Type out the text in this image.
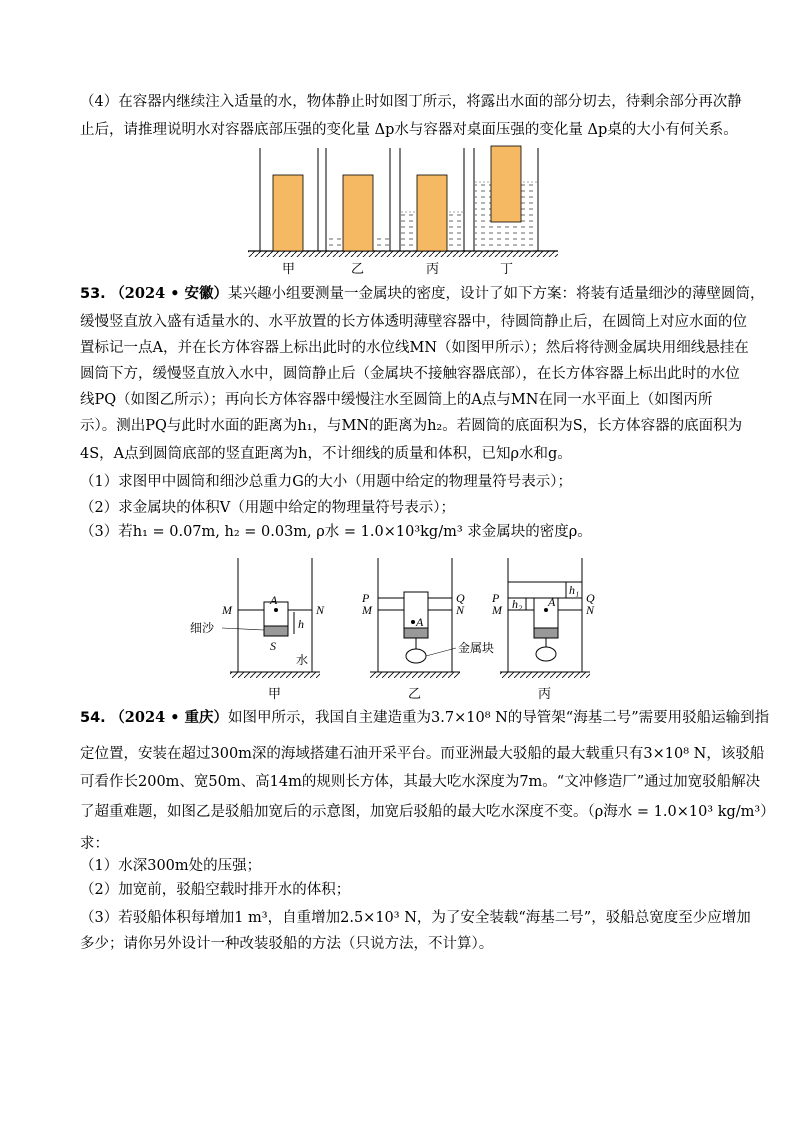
（4）在容器内继续注入适量的水，物体静止时如图丁所示，将露出水面的部分切去，待剩余部分再次静
止后，请推理说明水对容器底部压强的变化量 Δp水与容器对桌面压强的变化量 Δp桌的大小有何关系。
甲	乙	丙	丁
53. （2024 • 安徽）某兴趣小组要测量一金属块的密度，设计了如下方案：将装有适量细沙的薄壁圆筒，
缓慢竖直放入盛有适量水的、水平放置的长方体透明薄壁容器中，待圆筒静止后，在圆筒上对应水面的位
置标记一点A，并在长方体容器上标出此时的水位线MN（如图甲所示）；然后将待测金属块用细线悬挂在
圆筒下方，缓慢竖直放入水中，圆筒静止后（金属块不接触容器底部），在长方体容器上标出此时的水位
线PQ（如图乙所示）；再向长方体容器中缓慢注水至圆筒上的A点与MN在同一水平面上（如图丙所
示）。测出PQ与此时水面的距离为h₁，与MN的距离为h₂。若圆筒的底面积为S，长方体容器的底面积为
4S，A点到圆筒底部的竖直距离为h，不计细线的质量和体积，已知ρ水和g。
（1）求图甲中圆筒和细沙总重力G的大小（用题中给定的物理量符号表示）；
（2）求金属块的体积V（用题中给定的物理量符号表示）；
（3）若h₁ = 0.07m, h₂ = 0.03m, ρ水 = 1.0×10³kg/m³ 求金属块的密度ρ。
M	N
A
h
S
细沙
水
甲
P	Q
M	N
A
金属块
乙
P	Q
M	N
A
h₁
h₂
丙
54. （2024 • 重庆）如图甲所示，我国自主建造重为3.7×10⁸ N的导管架“海基二号”需要用驳船运输到指
定位置，安装在超过300m深的海域搭建石油开采平台。而亚洲最大驳船的最大载重只有3×10⁸ N，该驳船
可看作长200m、宽50m、高14m的规则长方体，其最大吃水深度为7m。“文冲修造厂”通过加宽驳船解决
了超重难题，如图乙是驳船加宽后的示意图，加宽后驳船的最大吃水深度不变。（ρ海水 = 1.0×10³ kg/m³）
求：
（1）水深300m处的压强；
（2）加宽前，驳船空载时排开水的体积；
（3）若驳船体积每增加1 m³，自重增加2.5×10³ N，为了安全装载“海基二号”，驳船总宽度至少应增加
多少；请你另外设计一种改装驳船的方法（只说方法，不计算）。
